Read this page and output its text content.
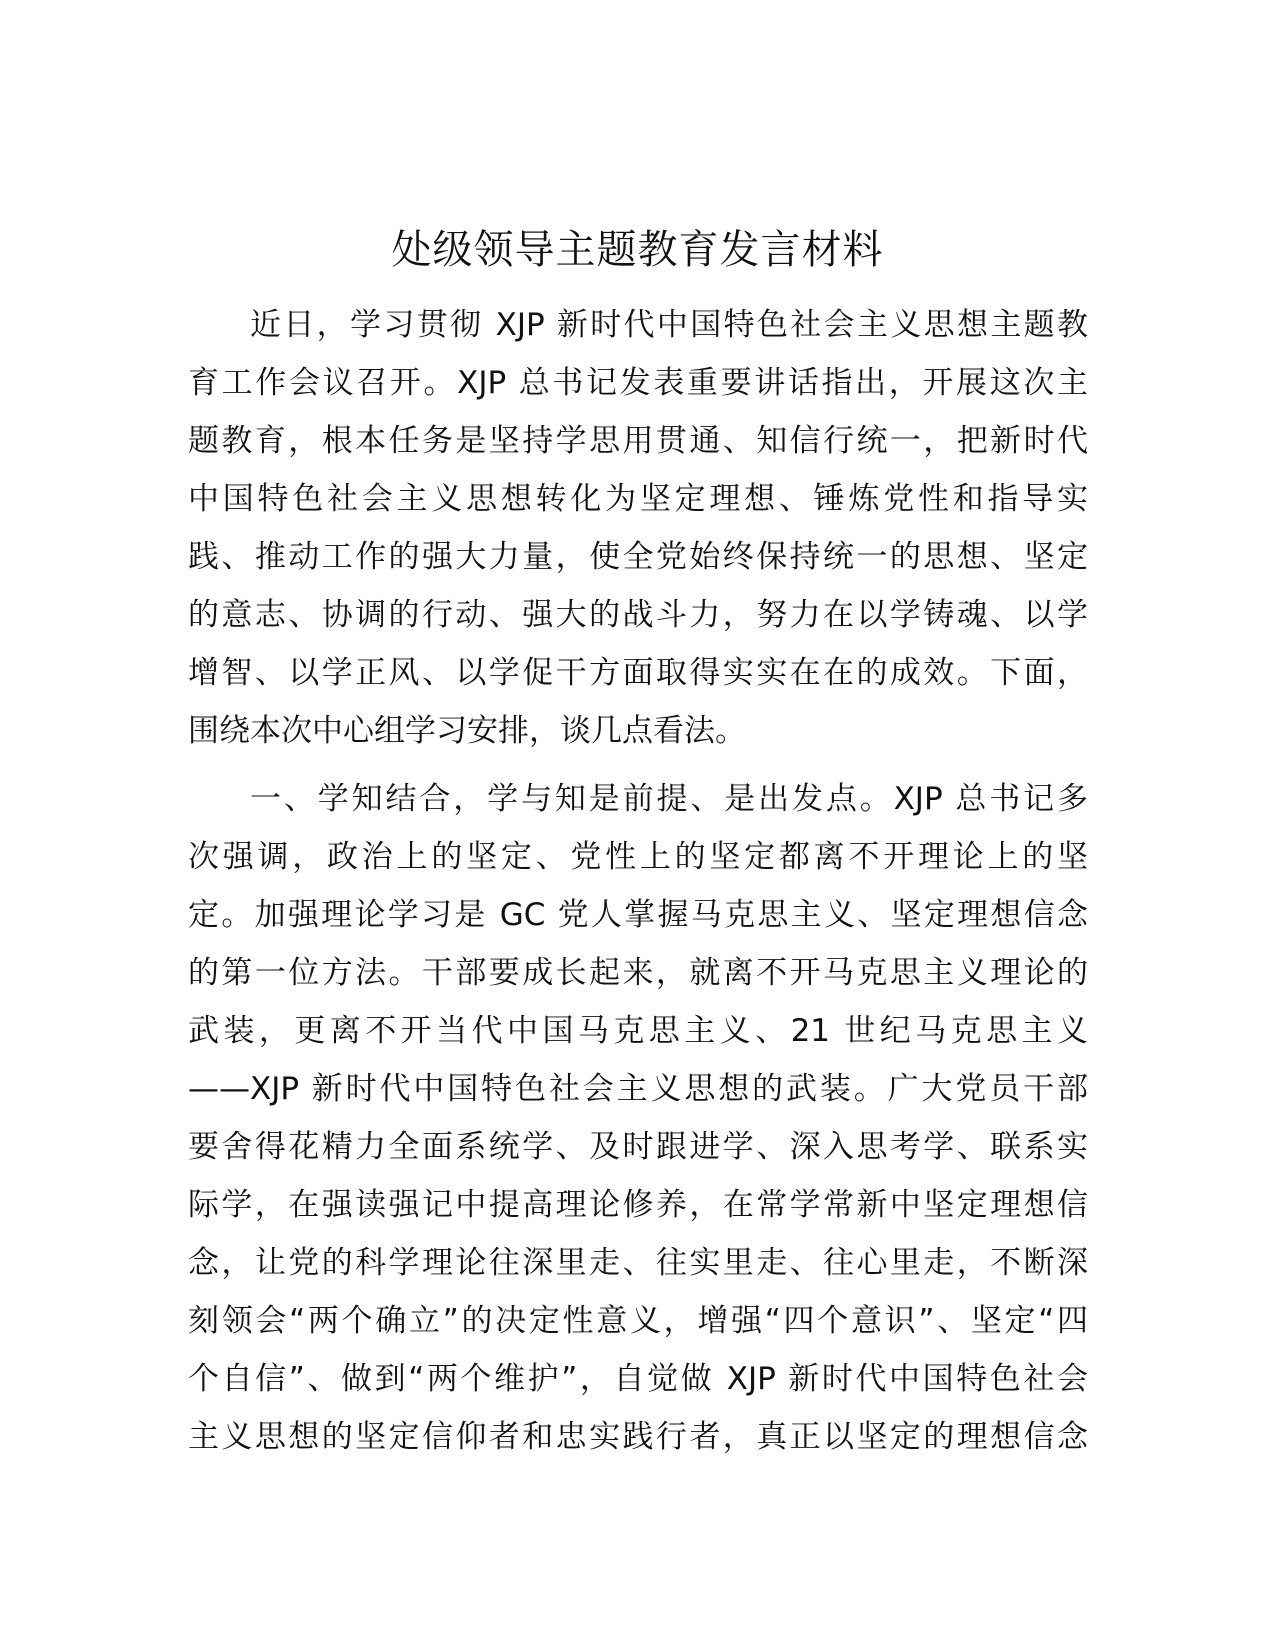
处级领导主题教育发言材料
近日，学习贯彻 XJP 新时代中国特色社会主义思想主题教
育工作会议召开。XJP 总书记发表重要讲话指出，开展这次主
题教育，根本任务是坚持学思用贯通、知信行统一，把新时代
中国特色社会主义思想转化为坚定理想、锤炼党性和指导实
践、推动工作的强大力量，使全党始终保持统一的思想、坚定
的意志、协调的行动、强大的战斗力，努力在以学铸魂、以学
增智、以学正风、以学促干方面取得实实在在的成效。下面，
围绕本次中心组学习安排，谈几点看法。
一、学知结合，学与知是前提、是出发点。XJP 总书记多
次强调，政治上的坚定、党性上的坚定都离不开理论上的坚
定。加强理论学习是 GC 党人掌握马克思主义、坚定理想信念
的第一位方法。干部要成长起来，就离不开马克思主义理论的
武装，更离不开当代中国马克思主义、21 世纪马克思主义
——XJP 新时代中国特色社会主义思想的武装。广大党员干部
要舍得花精力全面系统学、及时跟进学、深入思考学、联系实
际学，在强读强记中提高理论修养，在常学常新中坚定理想信
念，让党的科学理论往深里走、往实里走、往心里走，不断深
刻领会“两个确立”的决定性意义，增强“四个意识”、坚定“四
个自信”、做到“两个维护”，自觉做 XJP 新时代中国特色社会
主义思想的坚定信仰者和忠实践行者，真正以坚定的理想信念
